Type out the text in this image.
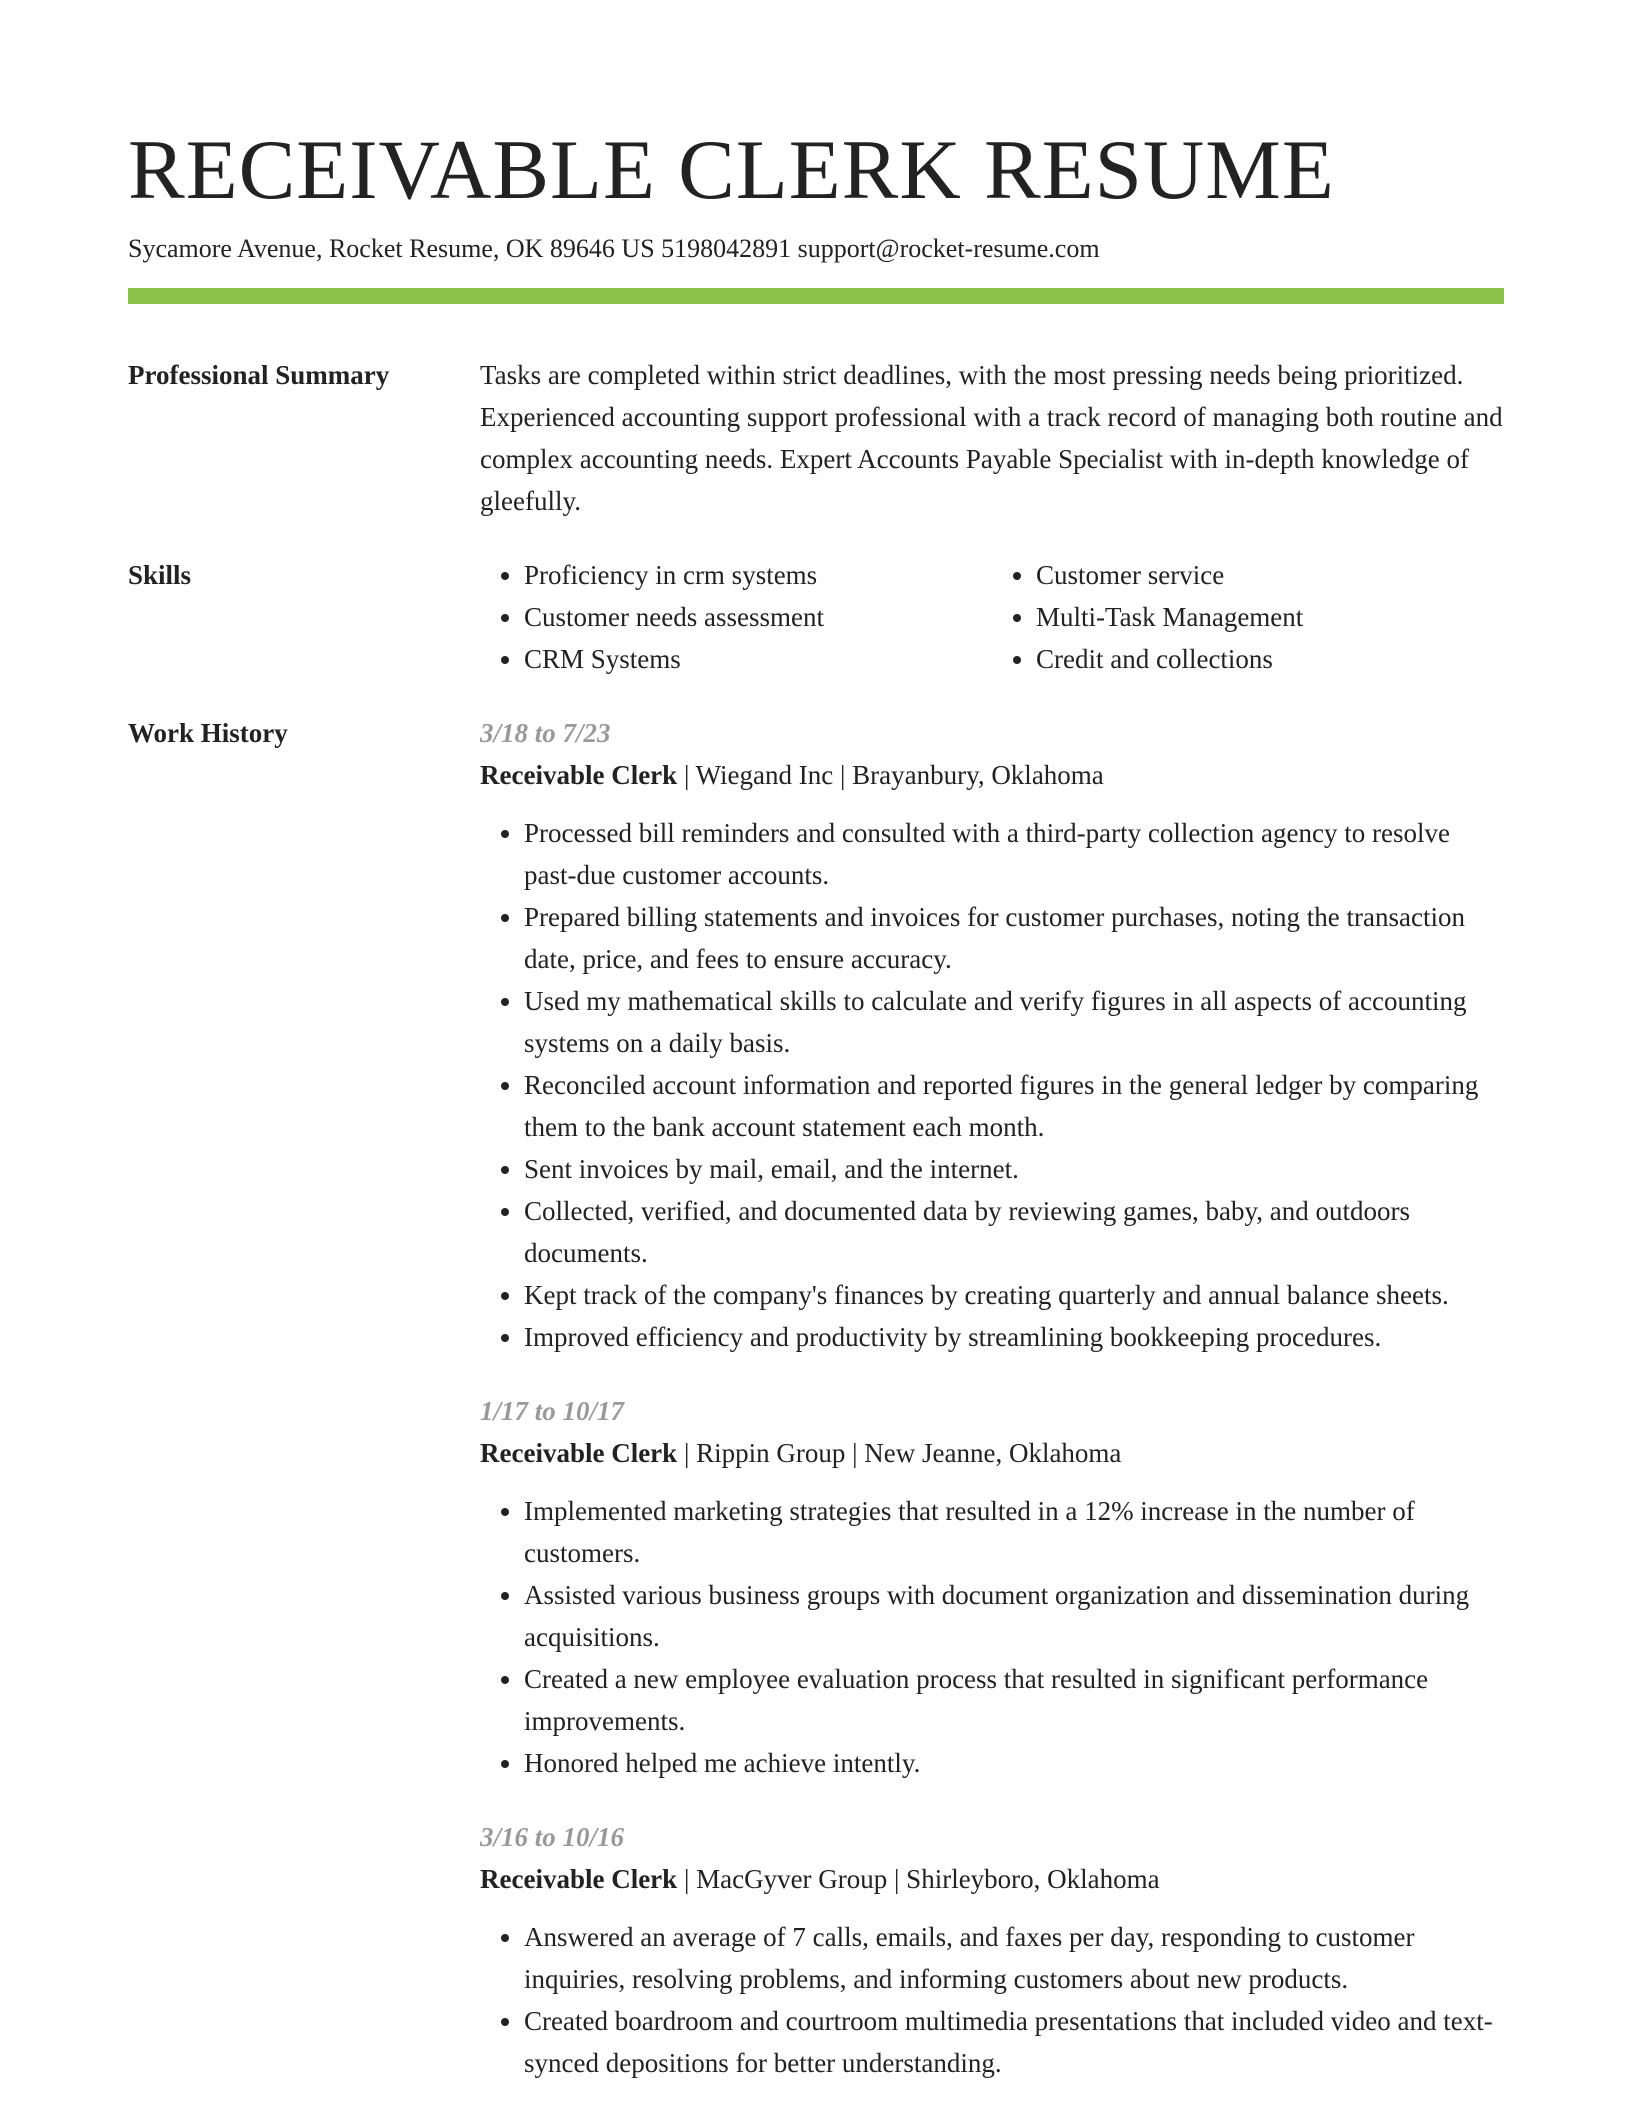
RECEIVABLE CLERK RESUME
Sycamore Avenue, Rocket Resume, OK 89646 US 5198042891 support@rocket-resume.com
Professional Summary	Tasks are completed within strict deadlines, with the most pressing needs being prioritized. Experienced accounting support professional with a track record of managing both routine and complex accounting needs. Expert Accounts Payable Specialist with in-depth knowledge of gleefully.

Skills
•	Proficiency in crm systems
• Customer needs assessment
• CRM Systems
• Customer service
• Multi-Task Management
• Credit and collections
Work History	3/18 to 7/23
Receivable Clerk | Wiegand Inc | Brayanbury, Oklahoma
• Processed bill reminders and consulted with a third-party collection agency to resolve past-due customer accounts.
• Prepared billing statements and invoices for customer purchases, noting the transaction date, price, and fees to ensure accuracy.
• Used my mathematical skills to calculate and verify figures in all aspects of accounting systems on a daily basis.
• Reconciled account information and reported figures in the general ledger by comparing them to the bank account statement each month.
• Sent invoices by mail, email, and the internet.
• Collected, verified, and documented data by reviewing games, baby, and outdoors documents.
• Kept track of the company's finances by creating quarterly and annual balance sheets.
• Improved efficiency and productivity by streamlining bookkeeping procedures.
1/17 to 10/17
Receivable Clerk | Rippin Group | New Jeanne, Oklahoma
• Implemented marketing strategies that resulted in a 12% increase in the number of customers.
• Assisted various business groups with document organization and dissemination during acquisitions.
• Created a new employee evaluation process that resulted in significant performance improvements.
• Honored helped me achieve intently.
3/16 to 10/16
Receivable Clerk | MacGyver Group | Shirleyboro, Oklahoma
• Answered an average of 7 calls, emails, and faxes per day, responding to customer inquiries, resolving problems, and informing customers about new products.
• Created boardroom and courtroom multimedia presentations that included video and text-synced depositions for better understanding.
